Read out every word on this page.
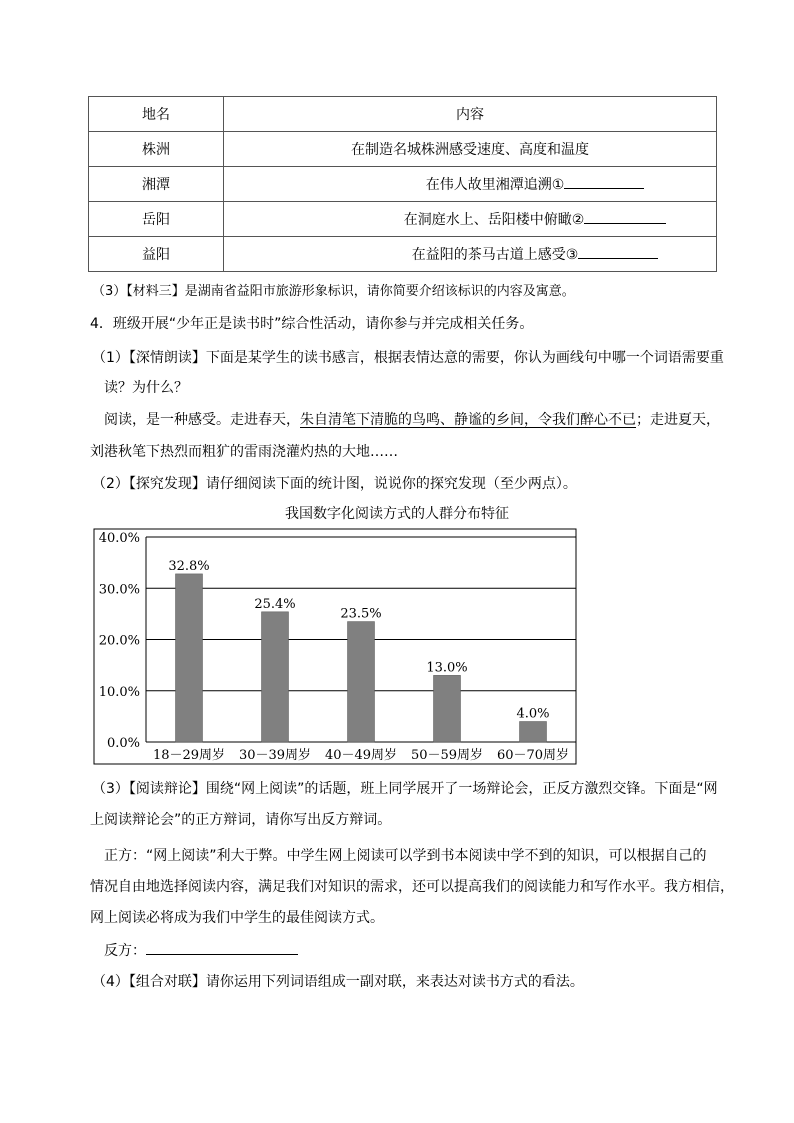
地名	内容
株洲	在制造名城株洲感受速度、高度和温度
湘潭	在伟人故里湘潭追溯①
岳阳	在洞庭水上、岳阳楼中俯瞰②
益阳	在益阳的茶马古道上感受③
（3）【材料三】是湖南省益阳市旅游形象标识，请你简要介绍该标识的内容及寓意。
4．班级开展“少年正是读书时”综合性活动，请你参与并完成相关任务。
（1）【深情朗读】下面是某学生的读书感言，根据表情达意的需要，你认为画线句中哪一个词语需要重
读？为什么？
阅读，是一种感受。走进春天，朱自清笔下清脆的鸟鸣、静谧的乡间，令我们醉心不已；走进夏天，
刘港秋笔下热烈而粗犷的雷雨浇灌灼热的大地……
（2）【探究发现】请仔细阅读下面的统计图，说说你的探究发现（至少两点）。
我国数字化阅读方式的人群分布特征
0.0%
10.0%
20.0%
30.0%
40.0%
32.8%
18－29周岁
25.4%
30－39周岁
23.5%
40－49周岁
13.0%
50－59周岁
4.0%
60－70周岁
（3）【阅读辩论】围绕“网上阅读”的话题，班上同学展开了一场辩论会，正反方激烈交锋。下面是“网
上阅读辩论会”的正方辩词，请你写出反方辩词。
正方：“网上阅读”利大于弊。中学生网上阅读可以学到书本阅读中学不到的知识，可以根据自己的
情况自由地选择阅读内容，满足我们对知识的需求，还可以提高我们的阅读能力和写作水平。我方相信，
网上阅读必将成为我们中学生的最佳阅读方式。
反方：
（4）【组合对联】请你运用下列词语组成一副对联，来表达对读书方式的看法。
